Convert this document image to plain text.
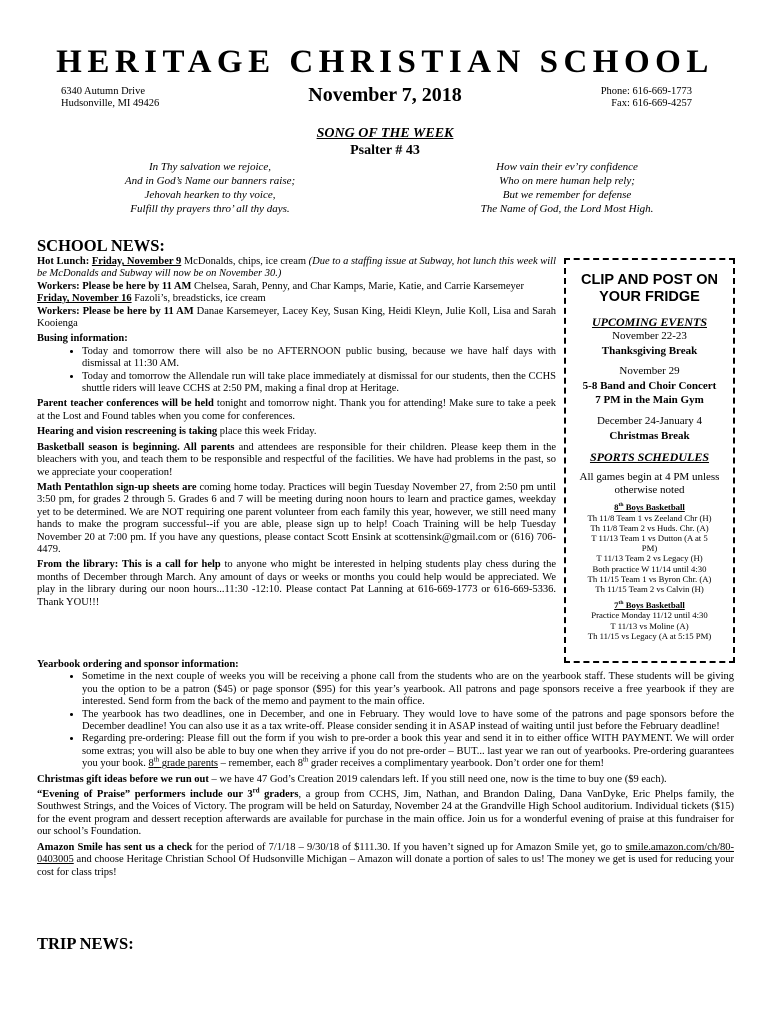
HERITAGE CHRISTIAN SCHOOL
6340 Autumn Drive
Hudsonville, MI 49426	November 7, 2018	Phone: 616-669-1773
Fax: 616-669-4257
SONG OF THE WEEK
Psalter # 43
In Thy salvation we rejoice,
And in God’s Name our banners raise;
Jehovah hearken to thy voice,
Fulfill thy prayers thro’ all thy days.
How vain their ev’ry confidence
Who on mere human help rely;
But we remember for defense
The Name of God, the Lord Most High.
SCHOOL NEWS:

Hot Lunch: Friday, November 9 McDonalds, chips, ice cream (Due to a staffing issue at Subway, hot lunch this week will be McDonalds and Subway will now be on November 30.)

Workers: Please be here by 11 AM Chelsea, Sarah, Penny, and Char Kamps, Marie, Katie, and Carrie Karsemeyer

Friday, November 16 Fazoli’s, breadsticks, ice cream

Workers: Please be here by 11 AM Danae Karsemeyer, Lacey Key, Susan King, Heidi Kleyn, Julie Koll, Lisa and Sarah Kooienga

Busing information:

• Today and tomorrow there will also be no AFTERNOON public busing, because we have half days with dismissal at 11:30 AM.
• Today and tomorrow the Allendale run will take place immediately at dismissal for our students, then the CCHS shuttle riders will leave CCHS at 2:50 PM, making a final drop at Heritage.

Parent teacher conferences will be held tonight and tomorrow night. Thank you for attending! Make sure to take a peek at the Lost and Found tables when you come for conferences.

Hearing and vision rescreening is taking place this week Friday.

Basketball season is beginning. All parents and attendees are responsible for their children. Please keep them in the bleachers with you, and teach them to be responsible and respectful of the facilities. We have had problems in the past, so we appreciate your cooperation!

Math Pentathlon sign-up sheets are coming home today. Practices will begin Tuesday November 27, from 2:50 pm until 3:50 pm, for grades 2 through 5. Grades 6 and 7 will be meeting during noon hours to learn and practice games, weekday yet to be determined. We are NOT requiring one parent volunteer from each family this year, however, we still need many hands to make the program successful--if you are able, please sign up to help! Coach Training will be help Tuesday November 20 at 7:00 pm. If you have any questions, please contact Scott Ensink at scottensink@gmail.com or (616) 706-4479.

From the library: This is a call for help to anyone who might be interested in helping students play chess during the months of December through March. Any amount of days or weeks or months you could help would be appreciated. We play in the library during our noon hours...11:30 -12:10. Please contact Pat Lanning at 616-669-1773 or 616-669-5336. Thank YOU!!!

Yearbook ordering and sponsor information:

• Sometime in the next couple of weeks you will be receiving a phone call from the students who are on the yearbook staff. These students will be giving you the option to be a patron ($45) or page sponsor ($95) for this year’s yearbook. All patrons and page sponsors receive a free yearbook if they are interested. Send form from the back of the memo and payment to the main office.
• The yearbook has two deadlines, one in December, and one in February. They would love to have some of the patrons and page sponsors before the December deadline! You can also use it as a tax write-off. Please consider sending it in ASAP instead of waiting until just before the February deadline!
• Regarding pre-ordering: Please fill out the form if you wish to pre-order a book this year and send it in to either office WITH PAYMENT. We will order some extras; you will also be able to buy one when they arrive if you do not pre-order – BUT... last year we ran out of yearbooks. Pre-ordering guarantees you your book. 8th grade parents – remember, each 8th grader receives a complimentary yearbook. Don’t order one for them!

Christmas gift ideas before we run out – we have 47 God’s Creation 2019 calendars left. If you still need one, now is the time to buy one ($9 each).

“Evening of Praise” performers include our 3rd graders, a group from CCHS, Jim, Nathan, and Brandon Daling, Dana VanDyke, Eric Phelps family, the Southwest Strings, and the Voices of Victory. The program will be held on Saturday, November 24 at the Grandville High School auditorium. Individual tickets ($15) for the event program and dessert reception afterwards are available for purchase in the main office. Join us for a wonderful evening of praise at this fundraiser for our school’s Foundation.

Amazon Smile has sent us a check for the period of 7/1/18 – 9/30/18 of $111.30. If you haven’t signed up for Amazon Smile yet, go to smile.amazon.com/ch/80-0403005 and choose Heritage Christian School Of Hudsonville Michigan – Amazon will donate a portion of sales to us! The money we get is used for reducing your cost for class trips!

TRIP NEWS:
CLIP AND POST ON
YOUR FRIDGE
UPCOMING EVENTS
November 22-23
Thanksgiving Break
November 29
5-8 Band and Choir Concert
7 PM in the Main Gym
December 24-January 4
Christmas Break
SPORTS SCHEDULES
All games begin at 4 PM unless
otherwise noted
8th Boys Basketball
Th 11/8 Team 1 vs Zeeland Chr (H)
Th 11/8 Team 2 vs Huds. Chr. (A)
T 11/13 Team 1 vs Dutton (A at 5
PM)
T 11/13 Team 2 vs Legacy (H)
Both practice W 11/14 until 4:30
Th 11/15 Team 1 vs Byron Chr. (A)
Th 11/15 Team 2 vs Calvin (H)
7th Boys Basketball
Practice Monday 11/12 until 4:30
T 11/13 vs Moline (A)
Th 11/15 vs Legacy (A at 5:15 PM)
